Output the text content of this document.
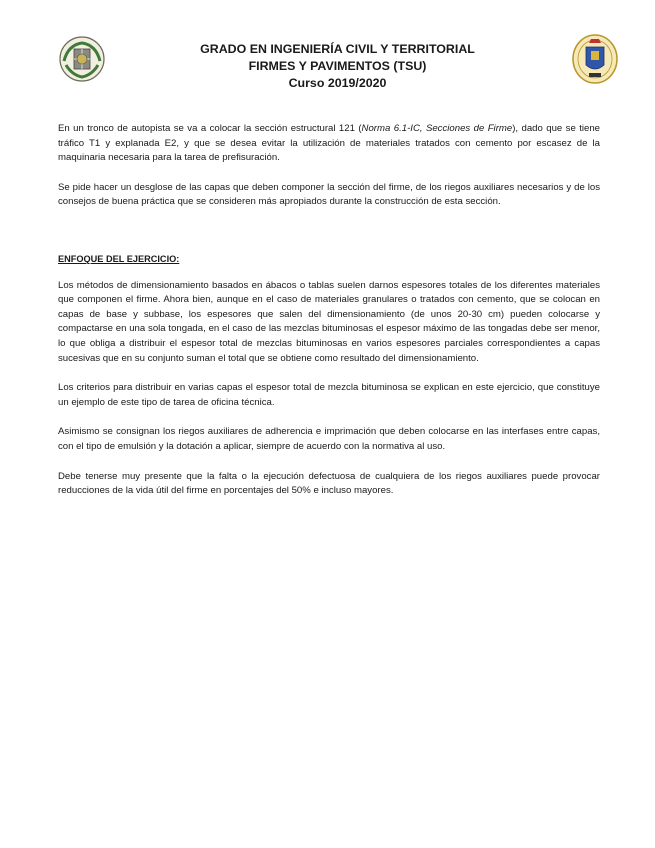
GRADO EN INGENIERÍA CIVIL Y TERRITORIAL
FIRMES Y PAVIMENTOS (TSU)
Curso 2019/2020

En un tronco de autopista se va a colocar la sección estructural 121 (Norma 6.1-IC, Secciones de Firme), dado que se tiene tráfico T1 y explanada E2, y que se desea evitar la utilización de materiales tratados con cemento por escasez de la maquinaria necesaria para la tarea de prefisuración.

Se pide hacer un desglose de las capas que deben componer la sección del firme, de los riegos auxiliares necesarios y de los consejos de buena práctica que se consideren más apropiados durante la construcción de esta sección.

ENFOQUE DEL EJERCICIO:

Los métodos de dimensionamiento basados en ábacos o tablas suelen darnos espesores totales de los diferentes materiales que componen el firme. Ahora bien, aunque en el caso de materiales granulares o tratados con cemento, que se colocan en capas de base y subbase, los espesores que salen del dimensionamiento (de unos 20-30 cm) pueden colocarse y compactarse en una sola tongada, en el caso de las mezclas bituminosas el espesor máximo de las tongadas debe ser menor, lo que obliga a distribuir el espesor total de mezclas bituminosas en varios espesores parciales correspondientes a capas sucesivas que en su conjunto suman el total que se obtiene como resultado del dimensionamiento.

Los criterios para distribuir en varias capas el espesor total de mezcla bituminosa se explican en este ejercicio, que constituye un ejemplo de este tipo de tarea de oficina técnica.

Asimismo se consignan los riegos auxiliares de adherencia e imprimación que deben colocarse en las interfases entre capas, con el tipo de emulsión y la dotación a aplicar, siempre de acuerdo con la normativa al uso.

Debe tenerse muy presente que la falta o la ejecución defectuosa de cualquiera de los riegos auxiliares puede provocar reducciones de la vida útil del firme en porcentajes del 50% e incluso mayores.
